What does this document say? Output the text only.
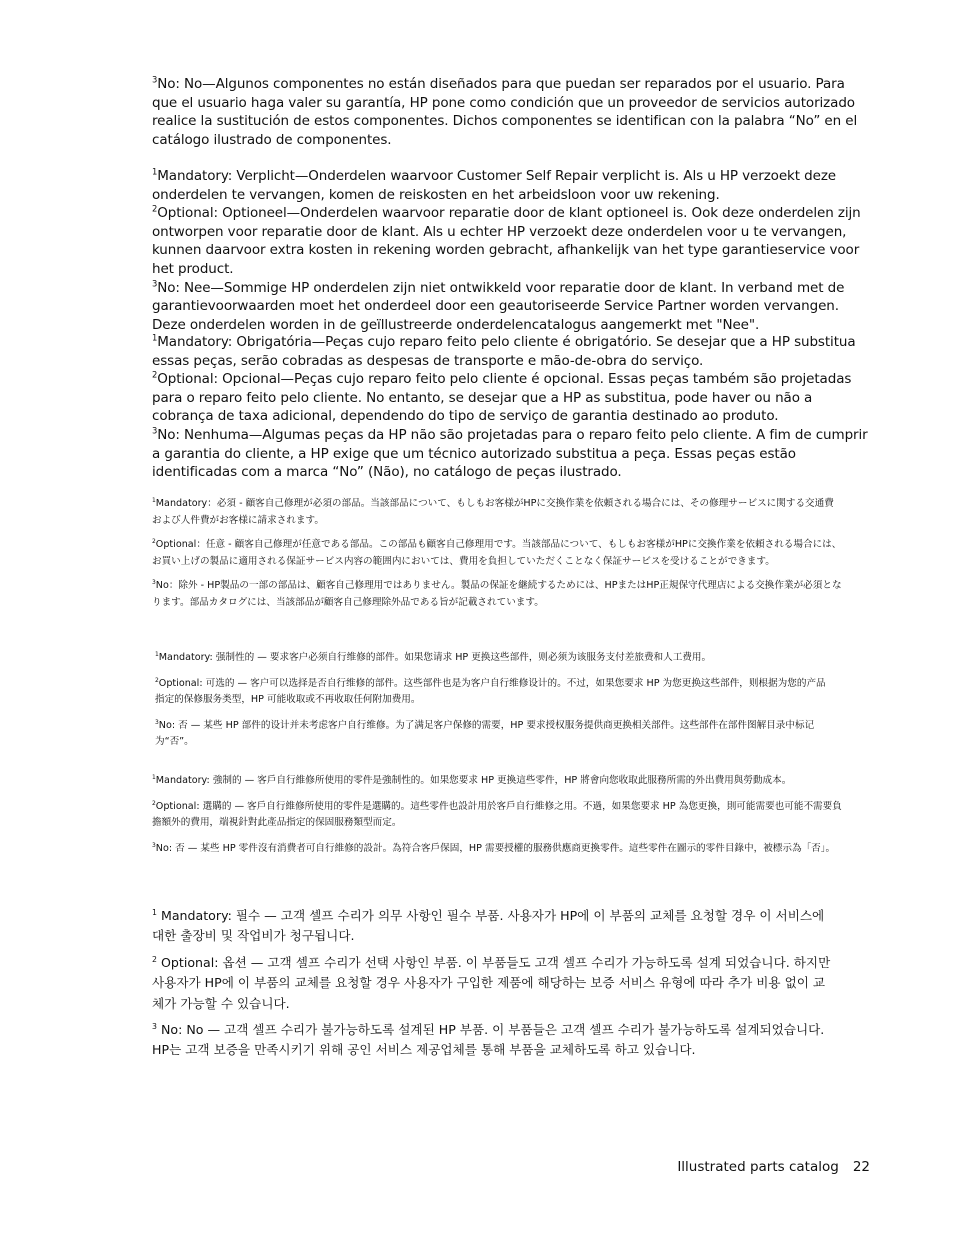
$^3$No: No—Algunos componentes no están diseñados para que puedan ser reparados por el usuario. Para que el usuario haga valer su garantía, HP pone como condición que un proveedor de servicios autorizado realice la sustitución de estos componentes. Dichos componentes se identifican con la palabra “No” en el catálogo ilustrado de componentes.

$^1$Mandatory: Verplicht—Onderdelen waarvoor Customer Self Repair verplicht is. Als u HP verzoekt deze onderdelen te vervangen, komen de reiskosten en het arbeidsloon voor uw rekening.

$^2$Optional: Optioneel—Onderdelen waarvoor reparatie door de klant optioneel is. Ook deze onderdelen zijn ontworpen voor reparatie door de klant. Als u echter HP verzoekt deze onderdelen voor u te vervangen, kunnen daarvoor extra kosten in rekening worden gebracht, afhankelijk van het type garantieservice voor het product.

$^3$No: Nee—Sommige HP onderdelen zijn niet ontwikkeld voor reparatie door de klant. In verband met de garantievoorwaarden moet het onderdeel door een geautoriseerde Service Partner worden vervangen. Deze onderdelen worden in de geïllustreerde onderdelencatalogus aangemerkt met "Nee".

$^1$Mandatory: Obrigatória—Peças cujo reparo feito pelo cliente é obrigatório. Se desejar que a HP substitua essas peças, serão cobradas as despesas de transporte e mão-de-obra do serviço.

$^2$Optional: Opcional—Peças cujo reparo feito pelo cliente é opcional. Essas peças também são projetadas para o reparo feito pelo cliente. No entanto, se desejar que a HP as substitua, pode haver ou não a cobrança de taxa adicional, dependendo do tipo de serviço de garantia destinado ao produto.

$^3$No: Nenhuma—Algumas peças da HP não são projetadas para o reparo feito pelo cliente. A fim de cumprir a garantia do cliente, a HP exige que um técnico autorizado substitua a peça. Essas peças estão identificadas com a marca “No” (Não), no catálogo de peças ilustrado.

$^1$Mandatory：必須 - 顧客自己修理が必須の部品。当該部品について、もしもお客様がHPに交換作業を依頼される場合には、その修理サービスに関する交通費および人件費がお客様に請求されます。

$^2$Optional：任意 - 顧客自己修理が任意である部品。この部品も顧客自己修理用です。当該部品について、もしもお客様がHPに交換作業を依頼される場合には、お買い上げの製品に適用される保証サービス内容の範囲内においては、費用を負担していただくことなく保証サービスを受けることができます。

$^3$No：除外 - HP製品の一部の部品は、顧客自己修理用ではありません。製品の保証を継続するためには、HPまたはHP正規保守代理店による交換作業が必須となります。部品カタログには、当該部品が顧客自己修理除外品である旨が記載されています。

$^1$Mandatory: 强制性的 — 要求客户必须自行维修的部件。如果您请求 HP 更换这些部件，则必须为该服务支付差旅费和人工费用。

$^2$Optional: 可选的 — 客户可以选择是否自行维修的部件。这些部件也是为客户自行维修设计的。不过，如果您要求 HP 为您更换这些部件，则根据为您的产品指定的保修服务类型，HP 可能收取或不再收取任何附加费用。

$^3$No: 否 — 某些 HP 部件的设计并未考虑客户自行维修。为了满足客户保修的需要，HP 要求授权服务提供商更换相关部件。这些部件在部件图解目录中标记为“否”。

$^1$Mandatory: 強制的 — 客戶自行維修所使用的零件是強制性的。如果您要求 HP 更換這些零件，HP 將會向您收取此服務所需的外出費用與勞動成本。

$^2$Optional: 選購的 — 客戶自行維修所使用的零件是選購的。這些零件也設計用於客戶自行維修之用。不過，如果您要求 HP 為您更換，則可能需要也可能不需要負擔額外的費用，端視針對此產品指定的保固服務類型而定。

$^3$No: 否 — 某些 HP 零件沒有消費者可自行維修的設計。為符合客戶保固，HP 需要授權的服務供應商更換零件。這些零件在圖示的零件目錄中，被標示為「否」。

$^1$ Mandatory: 필수 — 고객 셀프 수리가 의무 사항인 필수 부품. 사용자가 HP에 이 부품의 교체를 요청할 경우 이 서비스에 대한 출장비 및 작업비가 청구됩니다.

$^2$ Optional: 옵션 — 고객 셀프 수리가 선택 사항인 부품. 이 부품들도 고객 셀프 수리가 가능하도록 설계 되었습니다. 하지만 사용자가 HP에 이 부품의 교체를 요청할 경우 사용자가 구입한 제품에 해당하는 보증 서비스 유형에 따라 추가 비용 없이 교체가 가능할 수 있습니다.

$^3$ No: No — 고객 셀프 수리가 불가능하도록 설계된 HP 부품. 이 부품들은 고객 셀프 수리가 불가능하도록 설계되었습니다. HP는 고객 보증을 만족시키기 위해 공인 서비스 제공업체를 통해 부품을 교체하도록 하고 있습니다.

Illustrated parts catalog 22
